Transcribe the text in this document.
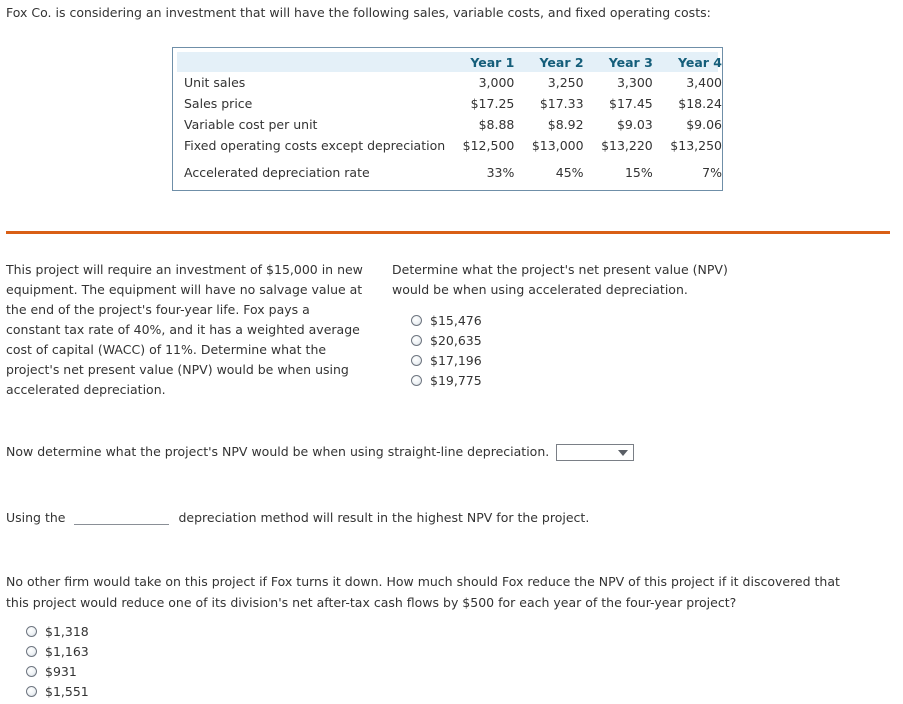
Fox Co. is considering an investment that will have the following sales, variable costs, and fixed operating costs:
	Year 1	Year 2	Year 3	Year 4
Unit sales	3,000	3,250	3,300	3,400
Sales price	$17.25	$17.33	$17.45	$18.24
Variable cost per unit	$8.88	$8.92	$9.03	$9.06
Fixed operating costs except depreciation	$12,500	$13,000	$13,220	$13,250

Accelerated depreciation rate	33%	45%	15%	7%
This project will require an investment of $15,000 in new equipment. The equipment will have no salvage value at the end of the project's four-year life. Fox pays a constant tax rate of 40%, and it has a weighted average cost of capital (WACC) of 11%. Determine what the project's net present value (NPV) would be when using accelerated depreciation.
Determine what the project's net present value (NPV) would be when using accelerated depreciation.
$15,476
$20,635
$17,196
$19,775
Now determine what the project's NPV would be when using straight-line depreciation.
Using the	depreciation method will result in the highest NPV for the project.
No other firm would take on this project if Fox turns it down. How much should Fox reduce the NPV of this project if it discovered that this project would reduce one of its division's net after-tax cash flows by $500 for each year of the four-year project?
$1,318
$1,163
$931
$1,551
